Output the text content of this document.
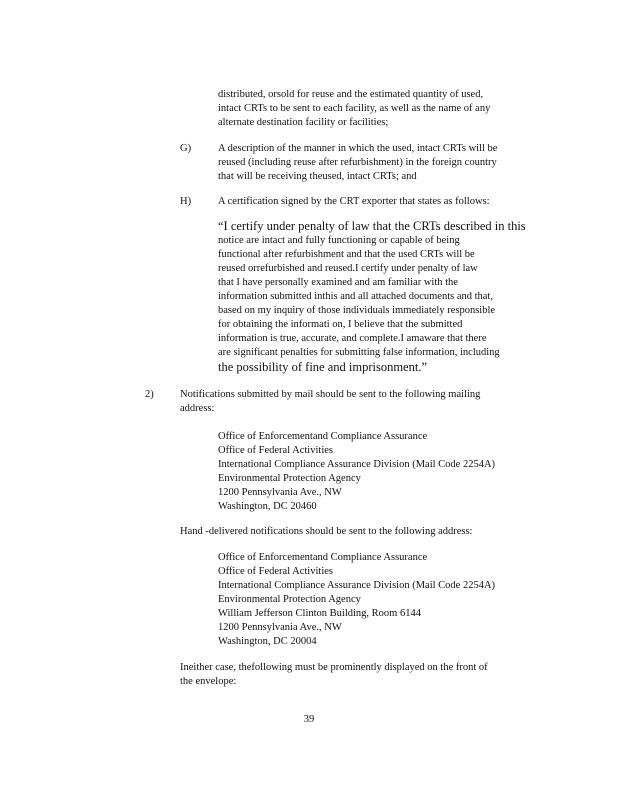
distributed, orsold for reuse and the estimated quantity of used,
intact CRTs to be sent to each facility, as well as the name of any
alternate destination facility or facilities;
G)	A description of the manner in which the used, intact CRTs will be
reused (including reuse after refurbishment) in the foreign country
that will be receiving theused, intact CRTs; and
H)	A certification signed by the CRT exporter that states as follows:
“I certify under penalty of law that the CRTs described in this
notice are intact and fully functioning or capable of being
functional after refurbishment and that the used CRTs will be
reused orrefurbished and reused.I certify under penalty of law
that I have personally examined and am familiar with the
information submitted inthis and all attached documents and that,
based on my inquiry of those individuals immediately responsible
for obtaining the informati on, I believe that the submitted
information is true, accurate, and complete.I amaware that there
are significant penalties for submitting false information, including
the possibility of fine and imprisonment.”
2)	Notifications submitted by mail should be sent to the following mailing
address:
Office of Enforcementand Compliance Assurance
Office of Federal Activities
International Compliance Assurance Division (Mail Code 2254A)
Environmental Protection Agency
1200 Pennsylvania Ave., NW
Washington, DC 20460
Hand -delivered notifications should be sent to the following address:
Office of Enforcementand Compliance Assurance
Office of Federal Activities
International Compliance Assurance Division (Mail Code 2254A)
Environmental Protection Agency
William Jefferson Clinton Building, Room 6144
1200 Pennsylvania Ave., NW
Washington, DC 20004
Ineither case, thefollowing must be prominently displayed on the front of
the envelope:
39
